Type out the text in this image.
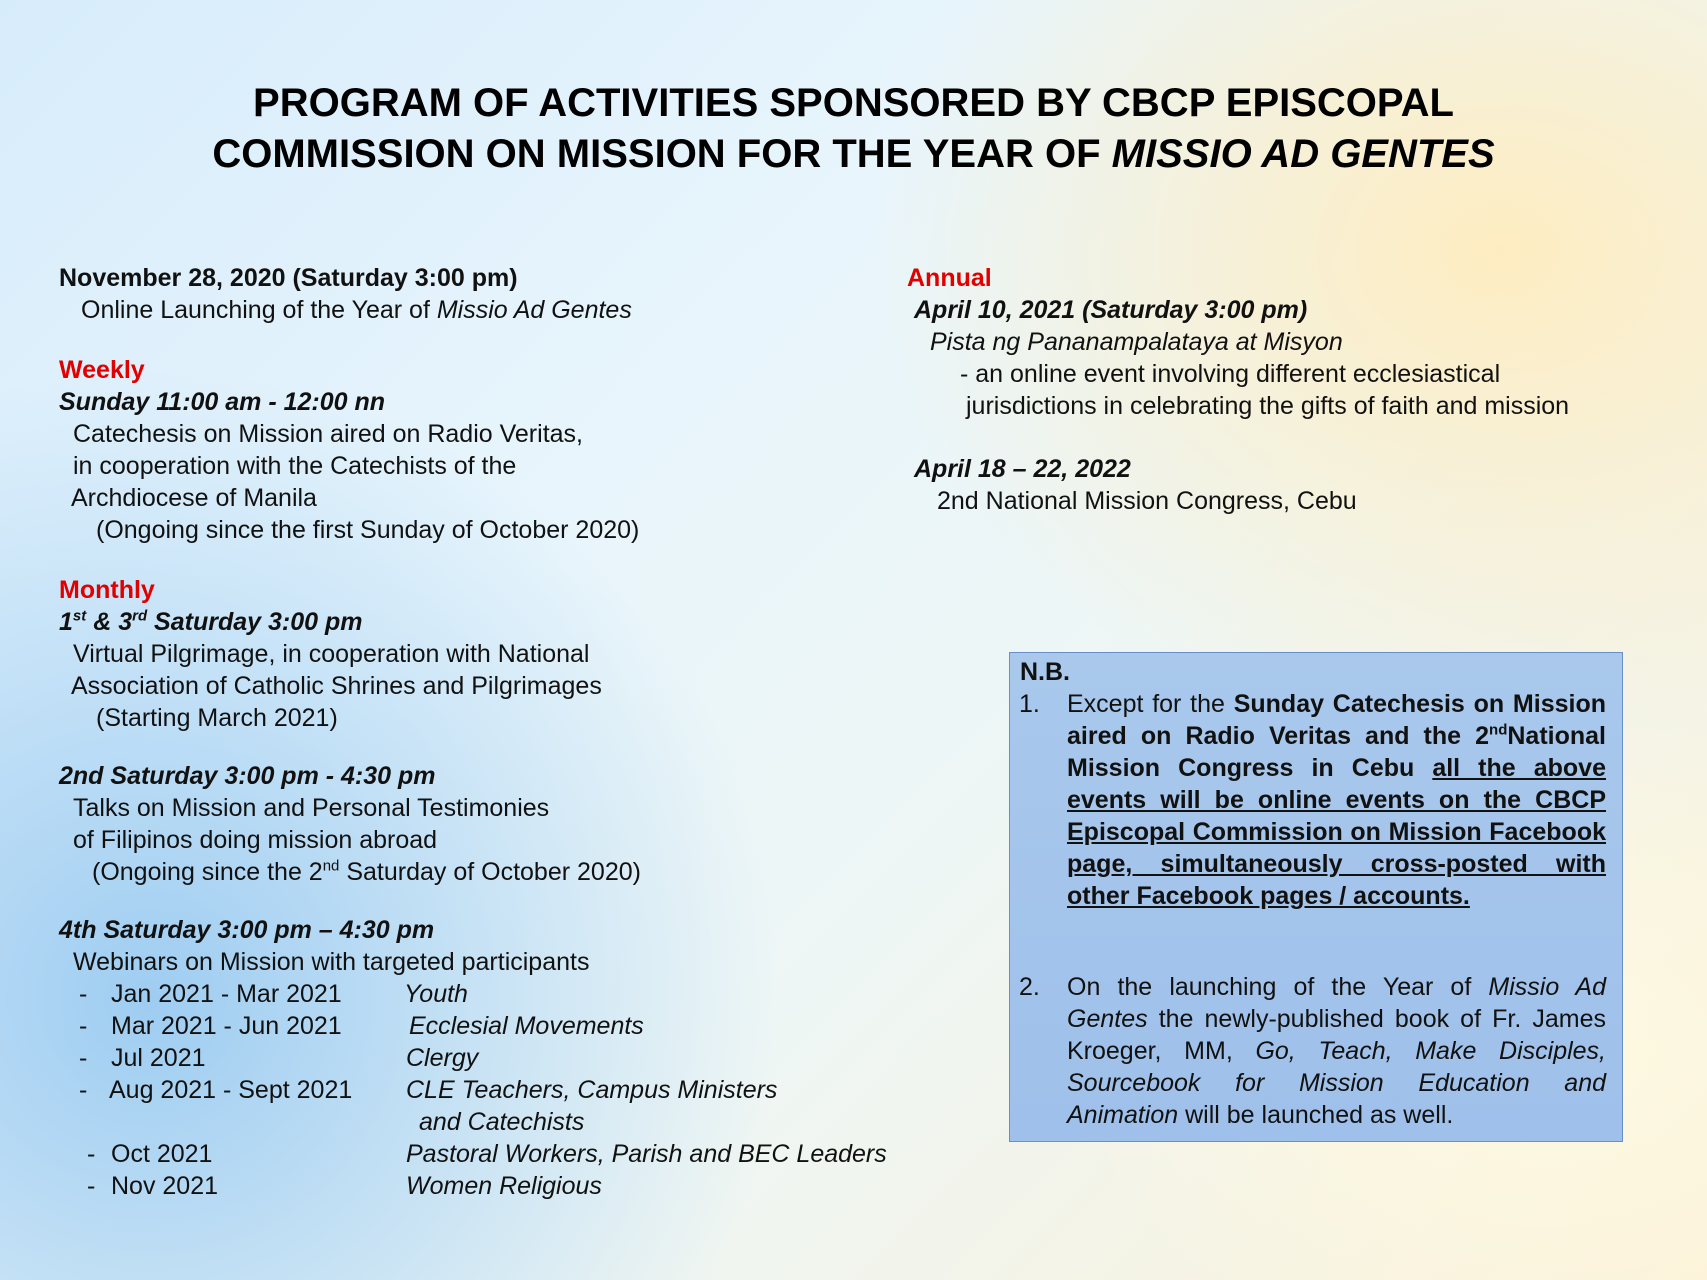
PROGRAM OF ACTIVITIES SPONSORED BY CBCP EPISCOPAL
COMMISSION ON MISSION FOR THE YEAR OF MISSIO AD GENTES
November 28, 2020 (Saturday 3:00 pm)
Online Launching of the Year of Missio Ad Gentes
Weekly
Sunday 11:00 am - 12:00 nn
Catechesis on Mission aired on Radio Veritas,
in cooperation with the Catechists of the
Archdiocese of Manila
(Ongoing since the first Sunday of October 2020)
Monthly
1st & 3rd Saturday 3:00 pm
Virtual Pilgrimage, in cooperation with National
Association of Catholic Shrines and Pilgrimages
(Starting March 2021)
2nd Saturday 3:00 pm - 4:30 pm
Talks on Mission and Personal Testimonies
of Filipinos doing mission abroad
(Ongoing since the 2nd Saturday of October 2020)
4th Saturday 3:00 pm – 4:30 pm
Webinars on Mission with targeted participants
- Jan 2021 - Mar 2021 Youth
- Mar 2021 - Jun 2021	Ecclesial Movements
- Jul 2021	Clergy
- Aug 2021 - Sept 2021 CLE Teachers, Campus Ministers
and Catechists
- Oct 2021	Pastoral Workers, Parish and BEC Leaders
- Nov 2021	Women Religious
Annual
April 10, 2021 (Saturday 3:00 pm)
Pista ng Pananampalataya at Misyon
- an online event involving different ecclesiastical
jurisdictions in celebrating the gifts of faith and mission
April 18 – 22, 2022
2nd National Mission Congress, Cebu
N.B.
1. Except for the Sunday Catechesis on Mission aired on Radio Veritas and the 2ndNational Mission Congress in Cebu all the above events will be online events on the CBCP Episcopal Commission on Mission Facebook page, simultaneously cross-posted with other Facebook pages / accounts.
2. On the launching of the Year of Missio Ad Gentes the newly-published book of Fr. James Kroeger, MM, Go, Teach, Make Disciples, Sourcebook for Mission Education and Animation will be launched as well.
